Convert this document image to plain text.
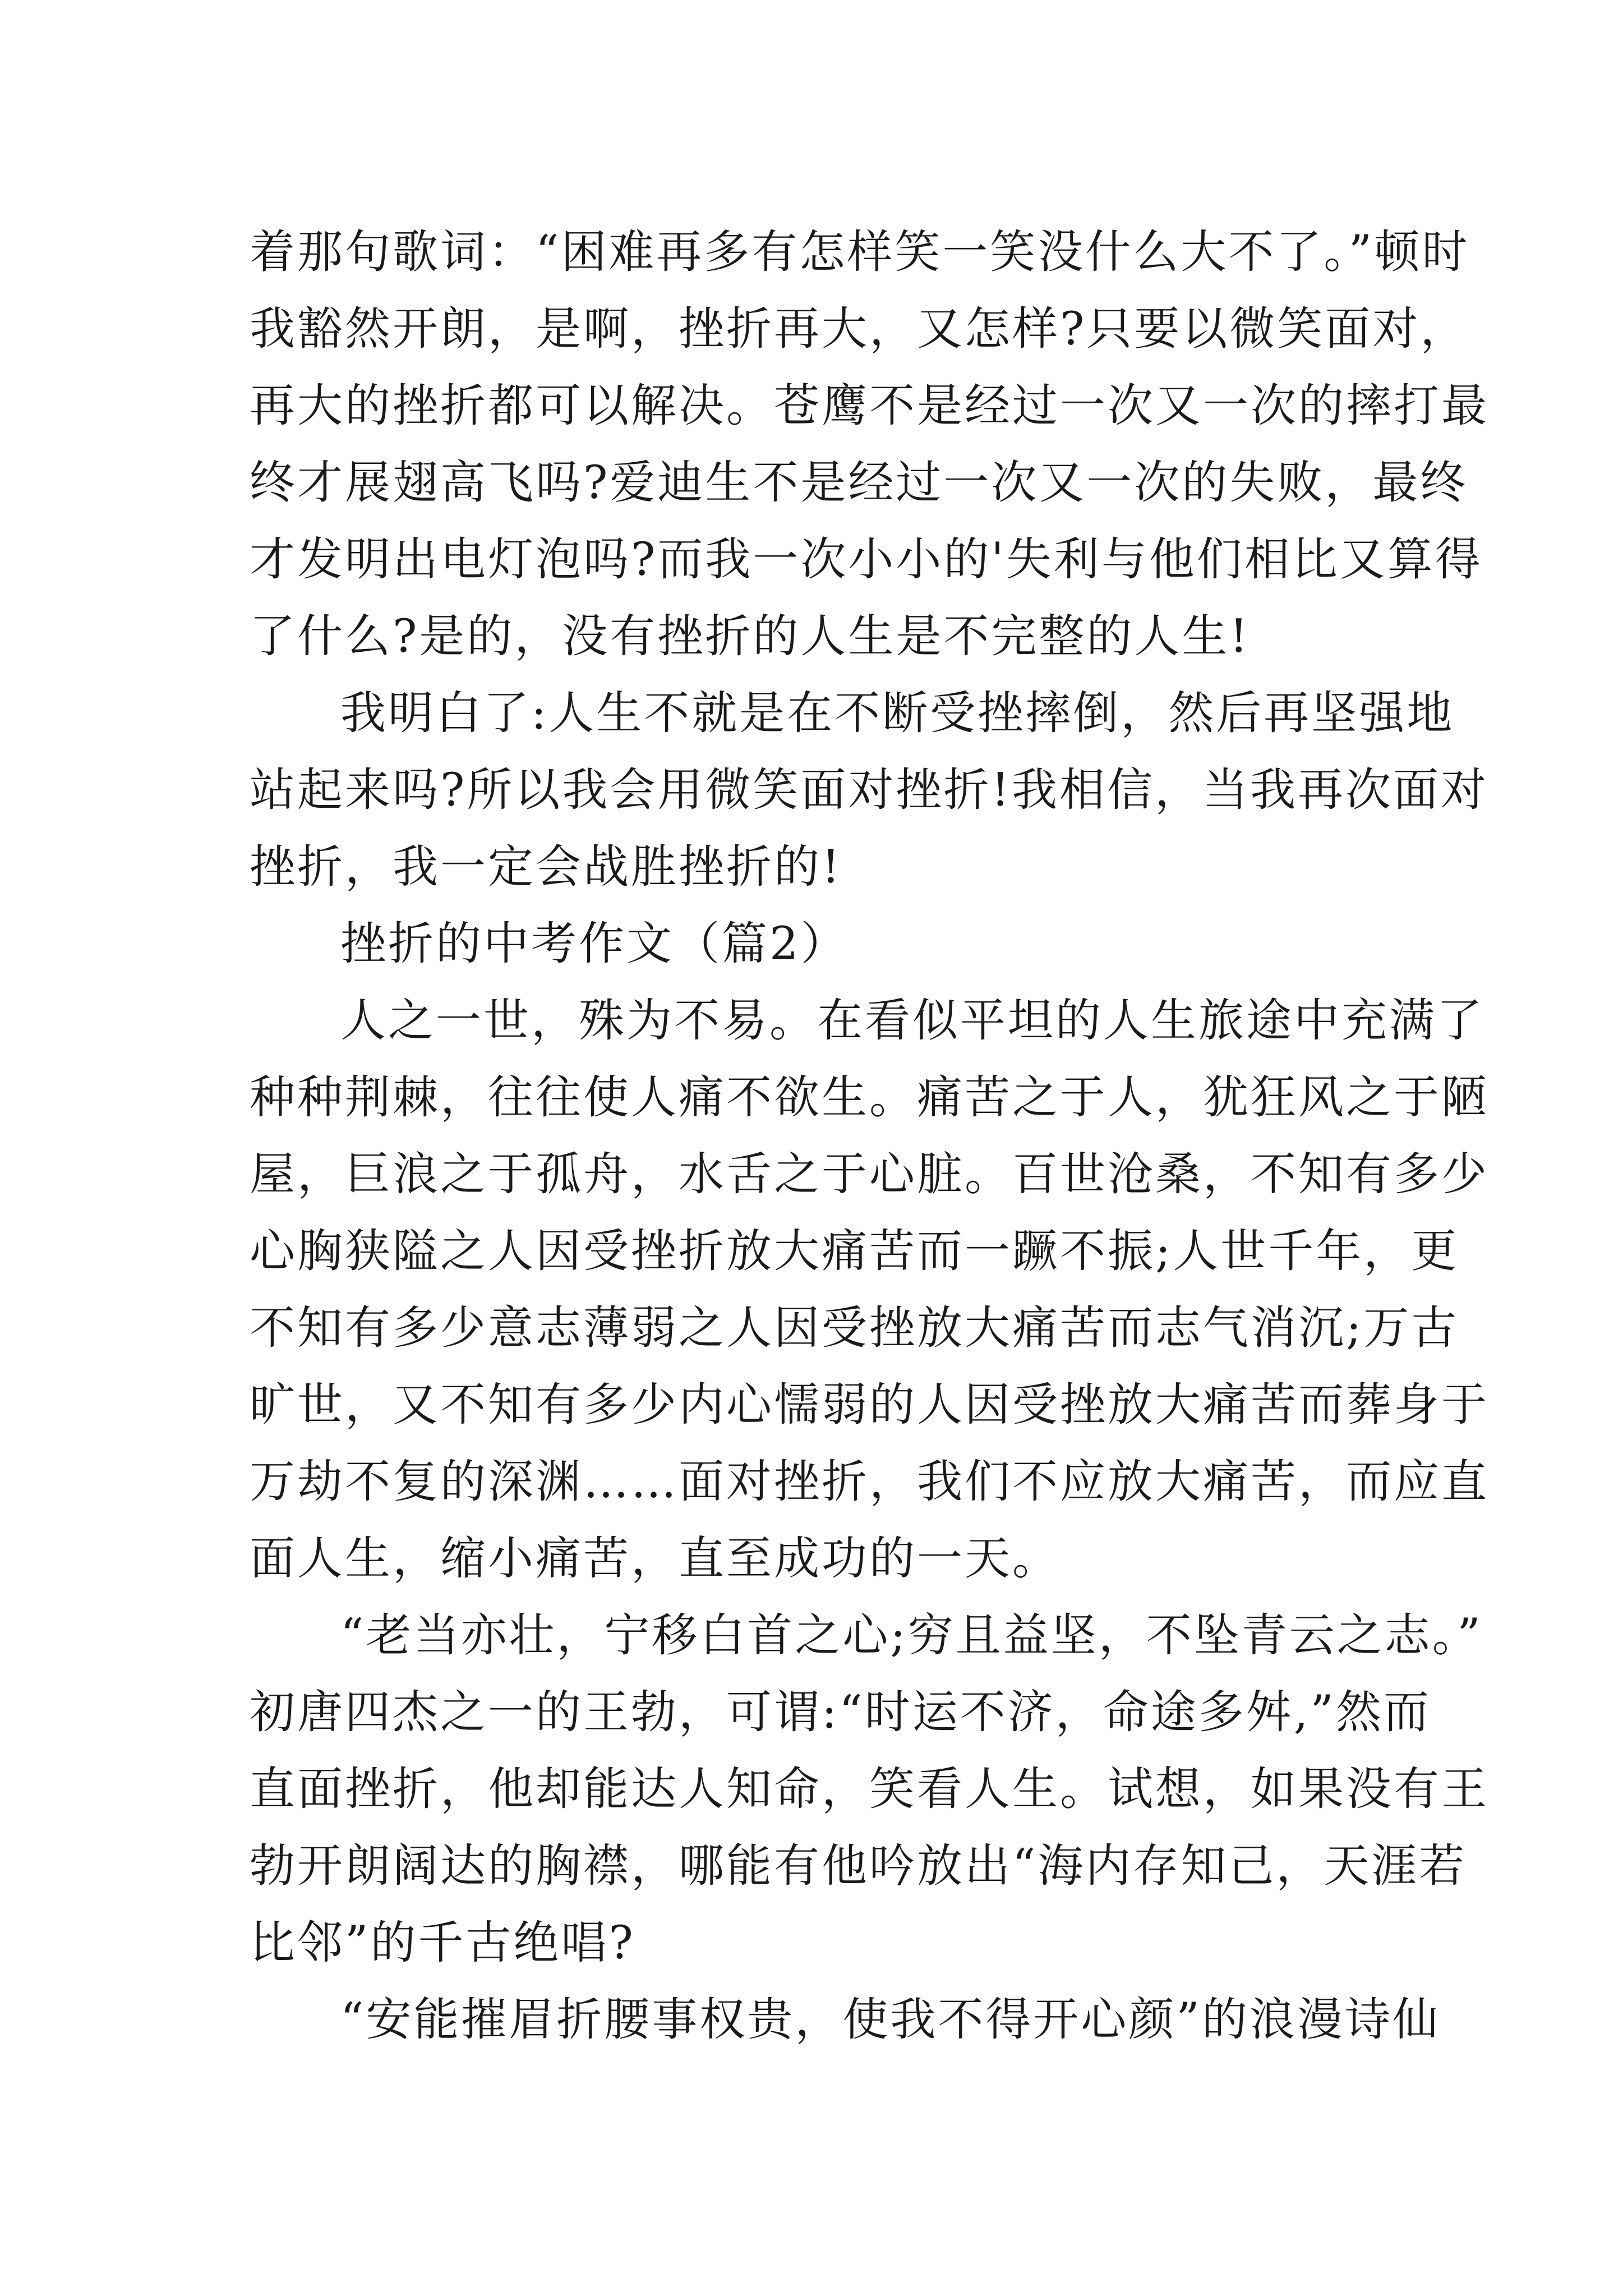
着那句歌词：“困难再多有怎样笑一笑没什么大不了。”顿时
我豁然开朗，是啊，挫折再大，又怎样?只要以微笑面对，
再大的挫折都可以解决。苍鹰不是经过一次又一次的摔打最
终才展翅高飞吗?爱迪生不是经过一次又一次的失败，最终
才发明出电灯泡吗?而我一次小小的'失利与他们相比又算得
了什么?是的，没有挫折的人生是不完整的人生!
我明白了:人生不就是在不断受挫摔倒，然后再坚强地
站起来吗?所以我会用微笑面对挫折!我相信，当我再次面对
挫折，我一定会战胜挫折的!
挫折的中考作文（篇2）
人之一世，殊为不易。在看似平坦的人生旅途中充满了
种种荆棘，往往使人痛不欲生。痛苦之于人，犹狂风之于陋
屋，巨浪之于孤舟，水舌之于心脏。百世沧桑，不知有多少
心胸狭隘之人因受挫折放大痛苦而一蹶不振;人世千年，更
不知有多少意志薄弱之人因受挫放大痛苦而志气消沉;万古
旷世，又不知有多少内心懦弱的人因受挫放大痛苦而葬身于
万劫不复的深渊……面对挫折，我们不应放大痛苦，而应直
面人生，缩小痛苦，直至成功的一天。
“老当亦壮，宁移白首之心;穷且益坚，不坠青云之志。”
初唐四杰之一的王勃，可谓:“时运不济，命途多舛,”然而
直面挫折，他却能达人知命，笑看人生。试想，如果没有王
勃开朗阔达的胸襟，哪能有他吟放出“海内存知己，天涯若
比邻”的千古绝唱?
“安能摧眉折腰事权贵，使我不得开心颜”的浪漫诗仙
